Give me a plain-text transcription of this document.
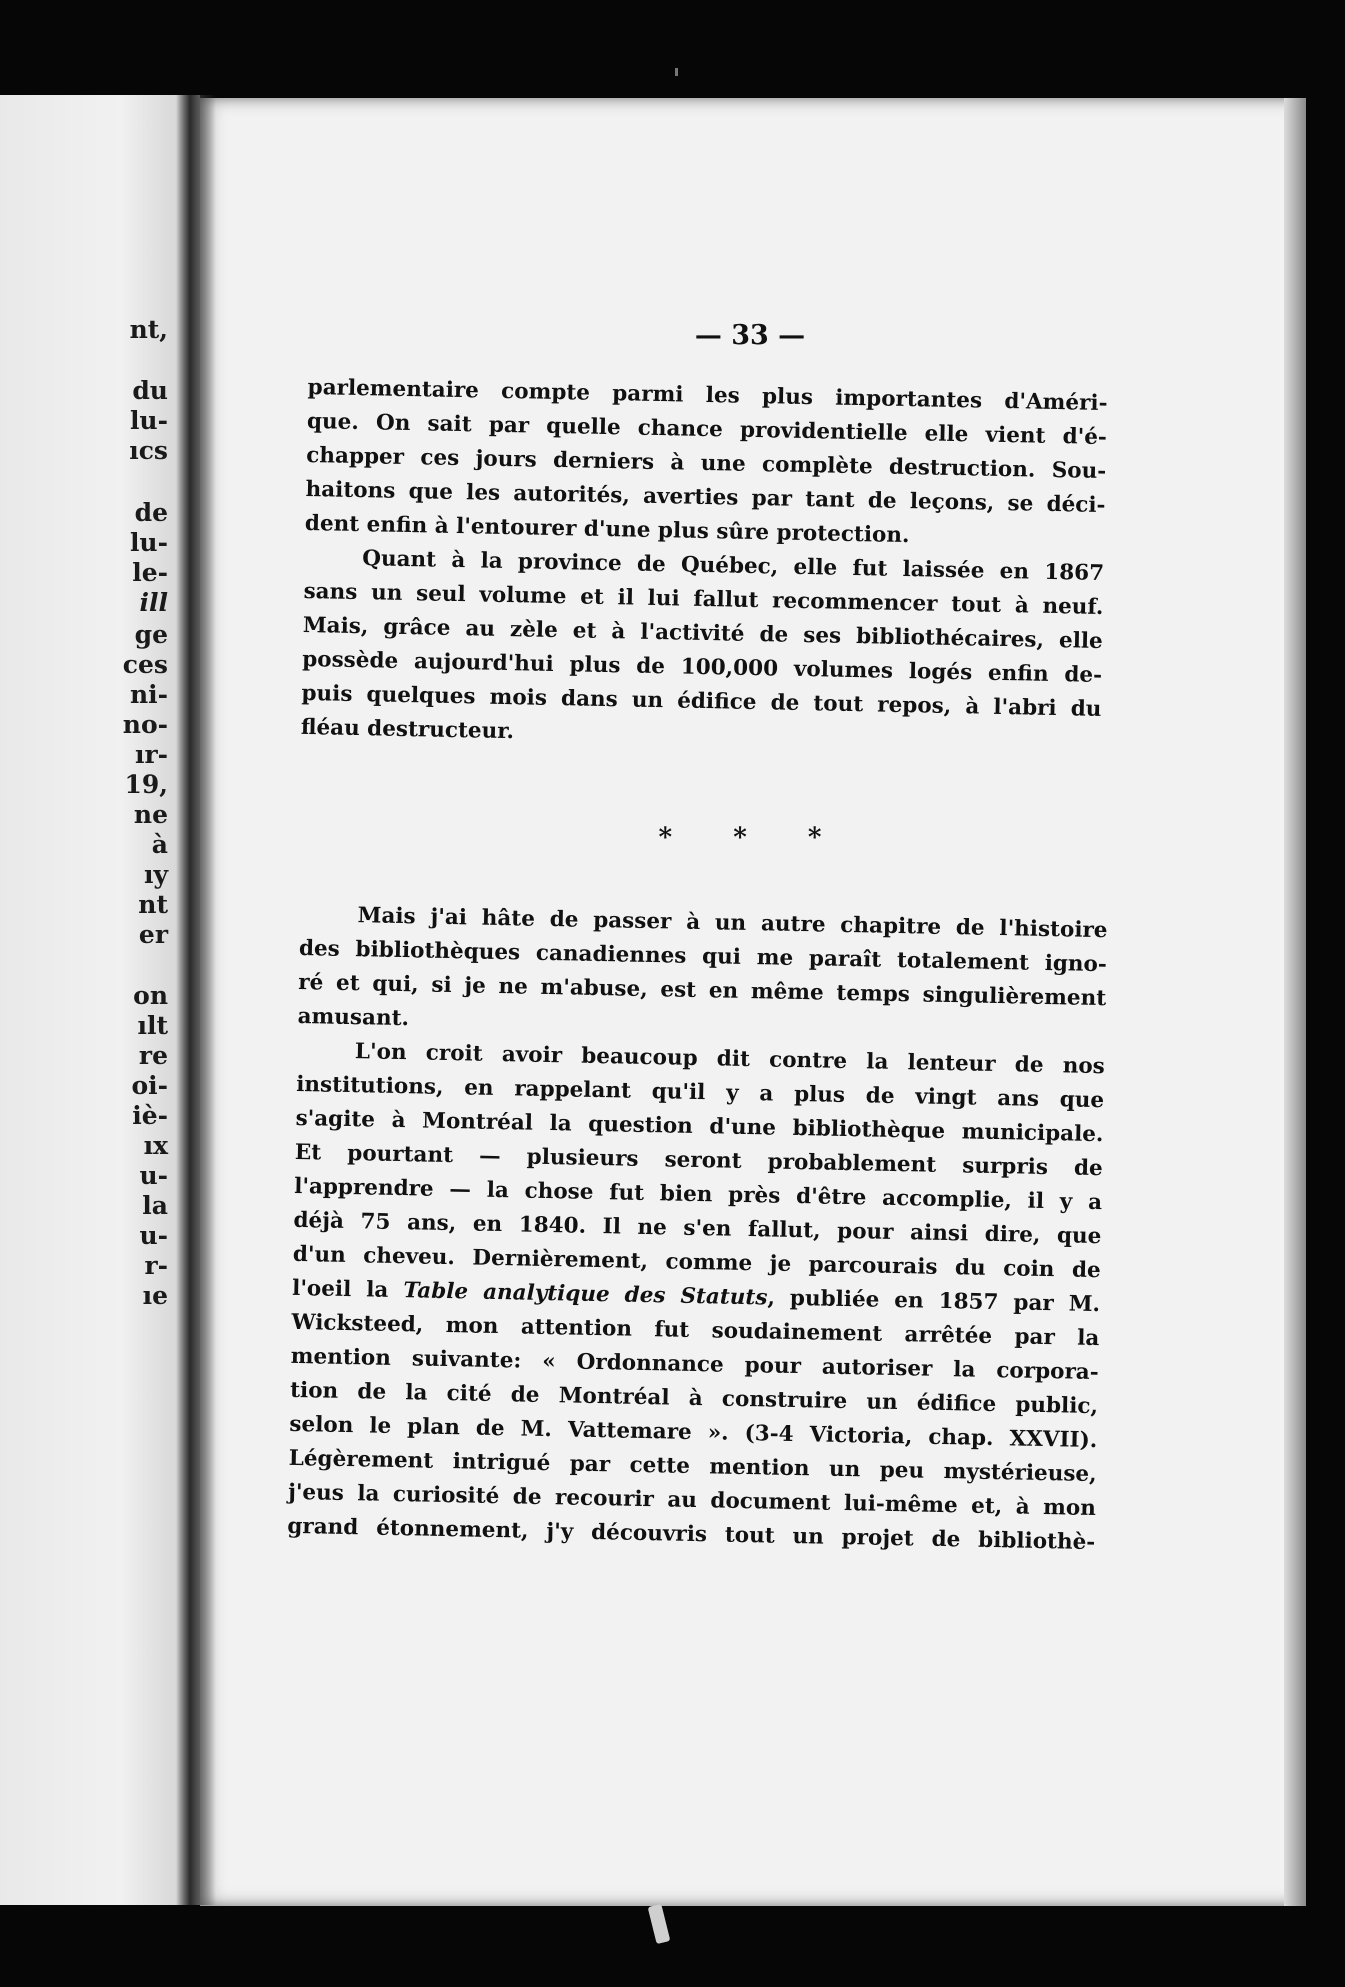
nt,
du
lu-
ıcs
de
lu-
le-
ill
ge
ces
ni-
no-
ır-
19,
ne
à
ıy
nt
er
on
ılt
re
oi-
iè-
ıx
u-
la
u-
r-
ıe
— 33 —
parlementaire compte parmi les plus importantes d'Améri-
que. On sait par quelle chance providentielle elle vient d'é-
chapper ces jours derniers à une complète destruction. Sou-
haitons que les autorités, averties par tant de leçons, se déci-
dent enfin à l'entourer d'une plus sûre protection.
Quant à la province de Québec, elle fut laissée en 1867
sans un seul volume et il lui fallut recommencer tout à neuf.
Mais, grâce au zèle et à l'activité de ses bibliothécaires, elle
possède aujourd'hui plus de 100,000 volumes logés enfin de-
puis quelques mois dans un édifice de tout repos, à l'abri du
fléau destructeur.
* * *
Mais j'ai hâte de passer à un autre chapitre de l'histoire
des bibliothèques canadiennes qui me paraît totalement igno-
ré et qui, si je ne m'abuse, est en même temps singulièrement
amusant.
L'on croit avoir beaucoup dit contre la lenteur de nos
institutions, en rappelant qu'il y a plus de vingt ans que
s'agite à Montréal la question d'une bibliothèque municipale.
Et pourtant — plusieurs seront probablement surpris de
l'apprendre — la chose fut bien près d'être accomplie, il y a
déjà 75 ans, en 1840. Il ne s'en fallut, pour ainsi dire, que
d'un cheveu. Dernièrement, comme je parcourais du coin de
l'oeil la Table analytique des Statuts, publiée en 1857 par M.
Wicksteed, mon attention fut soudainement arrêtée par la
mention suivante: « Ordonnance pour autoriser la corpora-
tion de la cité de Montréal à construire un édifice public,
selon le plan de M. Vattemare ». (3-4 Victoria, chap. XXVII).
Légèrement intrigué par cette mention un peu mystérieuse,
j'eus la curiosité de recourir au document lui-même et, à mon
grand étonnement, j'y découvris tout un projet de bibliothè-
